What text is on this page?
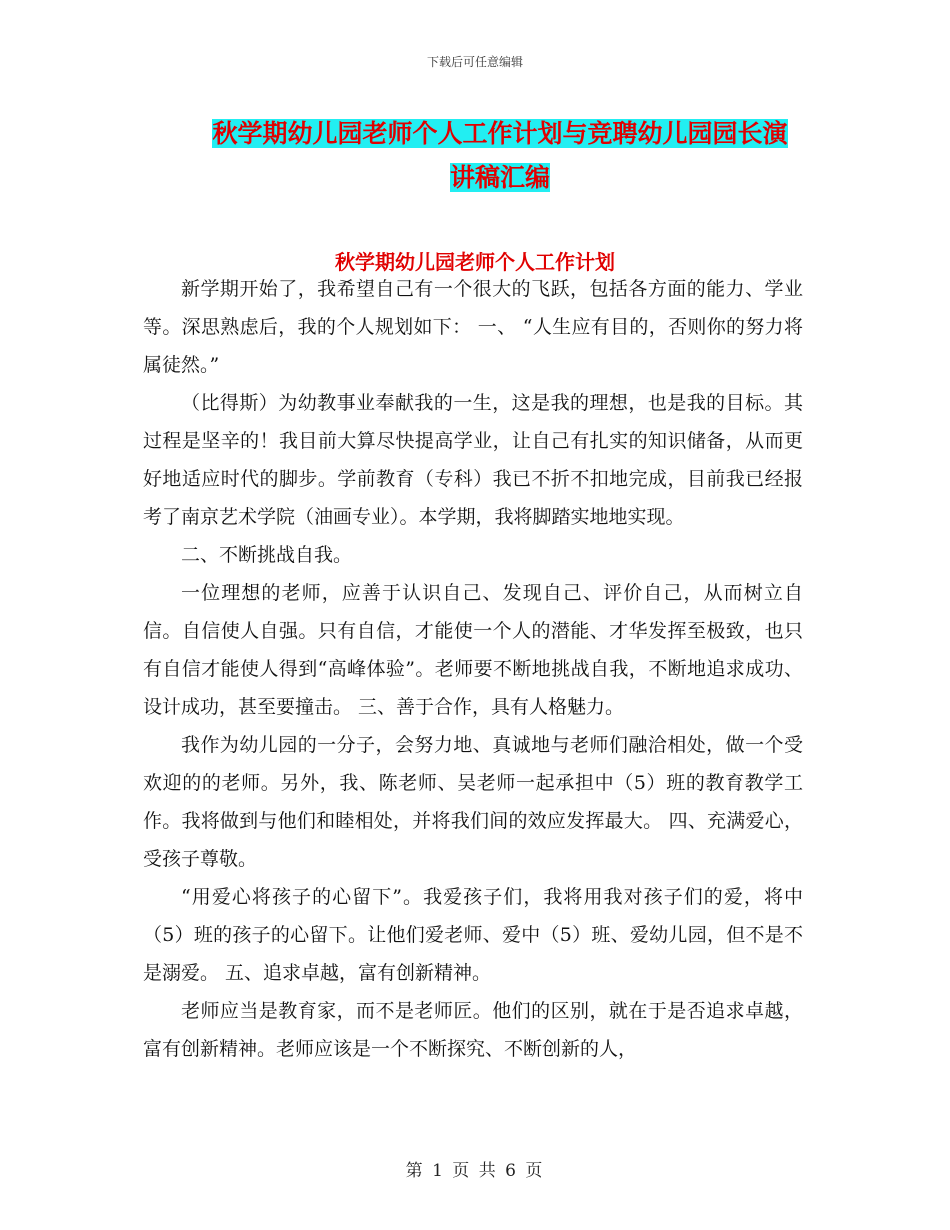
下载后可任意编辑
秋学期幼儿园老师个人工作计划与竞聘幼儿园园长演
讲稿汇编
秋学期幼儿园老师个人工作计划

新学期开始了，我希望自己有一个很大的飞跃，包括各方面的能力、学业等。深思熟虑后，我的个人规划如下： 一、 “人生应有目的，否则你的努力将属徒然。”

（比得斯）为幼教事业奉献我的一生，这是我的理想，也是我的目标。其过程是坚辛的！我目前大算尽快提高学业，让自己有扎实的知识储备，从而更好地适应时代的脚步。学前教育（专科）我已不折不扣地完成，目前我已经报考了南京艺术学院（油画专业）。本学期，我将脚踏实地地实现。

二、不断挑战自我。

一位理想的老师，应善于认识自己、发现自己、评价自己，从而树立自信。自信使人自强。只有自信，才能使一个人的潜能、才华发挥至极致，也只有自信才能使人得到“高峰体验”。老师要不断地挑战自我，不断地追求成功、设计成功，甚至要撞击。 三、善于合作，具有人格魅力。

我作为幼儿园的一分子，会努力地、真诚地与老师们融洽相处，做一个受欢迎的的老师。另外，我、陈老师、吴老师一起承担中（5）班的教育教学工作。我将做到与他们和睦相处，并将我们间的效应发挥最大。 四、充满爱心，受孩子尊敬。

“用爱心将孩子的心留下”。我爱孩子们，我将用我对孩子们的爱，将中（5）班的孩子的心留下。让他们爱老师、爱中（5）班、爱幼儿园，但不是不是溺爱。 五、追求卓越，富有创新精神。

老师应当是教育家，而不是老师匠。他们的区别，就在于是否追求卓越，富有创新精神。老师应该是一个不断探究、不断创新的人，

第 1 页 共 6 页
